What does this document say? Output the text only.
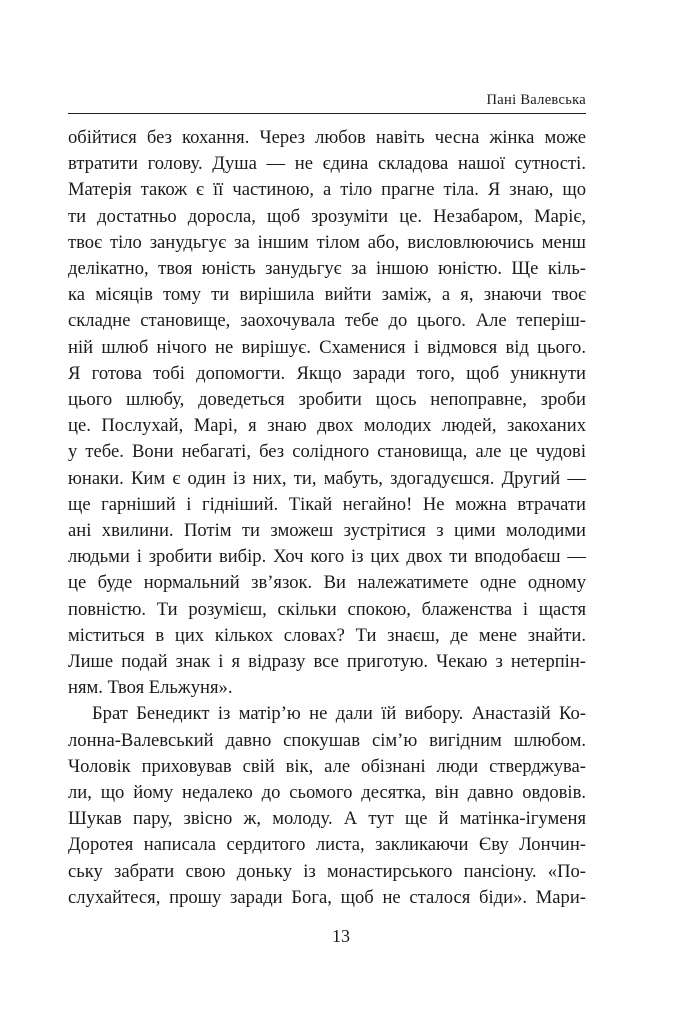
Пані Валевська
обійтися без кохання. Через любов навіть чесна жінка може
втратити голову. Душа — не єдина складова нашої сутності.
Матерія також є її частиною, а тіло прагне тіла. Я знаю, що
ти достатньо доросла, щоб зрозуміти це. Незабаром, Маріє,
твоє тіло занудьгує за іншим тілом або, висловлюючись менш
делікатно, твоя юність занудьгує за іншою юністю. Ще кіль-
ка місяців тому ти вирішила вийти заміж, а я, знаючи твоє
складне становище, заохочувала тебе до цього. Але теперіш-
ній шлюб нічого не вирішує. Схаменися і відмовся від цього.
Я готова тобі допомогти. Якщо заради того, щоб уникнути
цього шлюбу, доведеться зробити щось непоправне, зроби
це. Послухай, Марі, я знаю двох молодих людей, закоханих
у тебе. Вони небагаті, без солідного становища, але це чудові
юнаки. Ким є один із них, ти, мабуть, здогадуєшся. Другий —
ще гарніший і гідніший. Тікай негайно! Не можна втрачати
ані хвилини. Потім ти зможеш зустрітися з цими молодими
людьми і зробити вибір. Хоч кого із цих двох ти вподобаєш —
це буде нормальний зв’язок. Ви належатимете одне одному
повністю. Ти розумієш, скільки спокою, блаженства і щастя
міститься в цих кількох словах? Ти знаєш, де мене знайти.
Лише подай знак і я відразу все приготую. Чекаю з нетерпін-
ням. Твоя Ельжуня».
Брат Бенедикт із матір’ю не дали їй вибору. Анастазій Ко-
лонна-Валевський давно спокушав сім’ю вигідним шлюбом.
Чоловік приховував свій вік, але обізнані люди стверджува-
ли, що йому недалеко до сьомого десятка, він давно овдовів.
Шукав пару, звісно ж, молоду. А тут ще й матінка-ігуменя
Доротея написала сердитого листа, закликаючи Єву Лончин-
ську забрати свою доньку із монастирського пансіону. «По-
слухайтеся, прошу заради Бога, щоб не сталося біди». Мари-
13
